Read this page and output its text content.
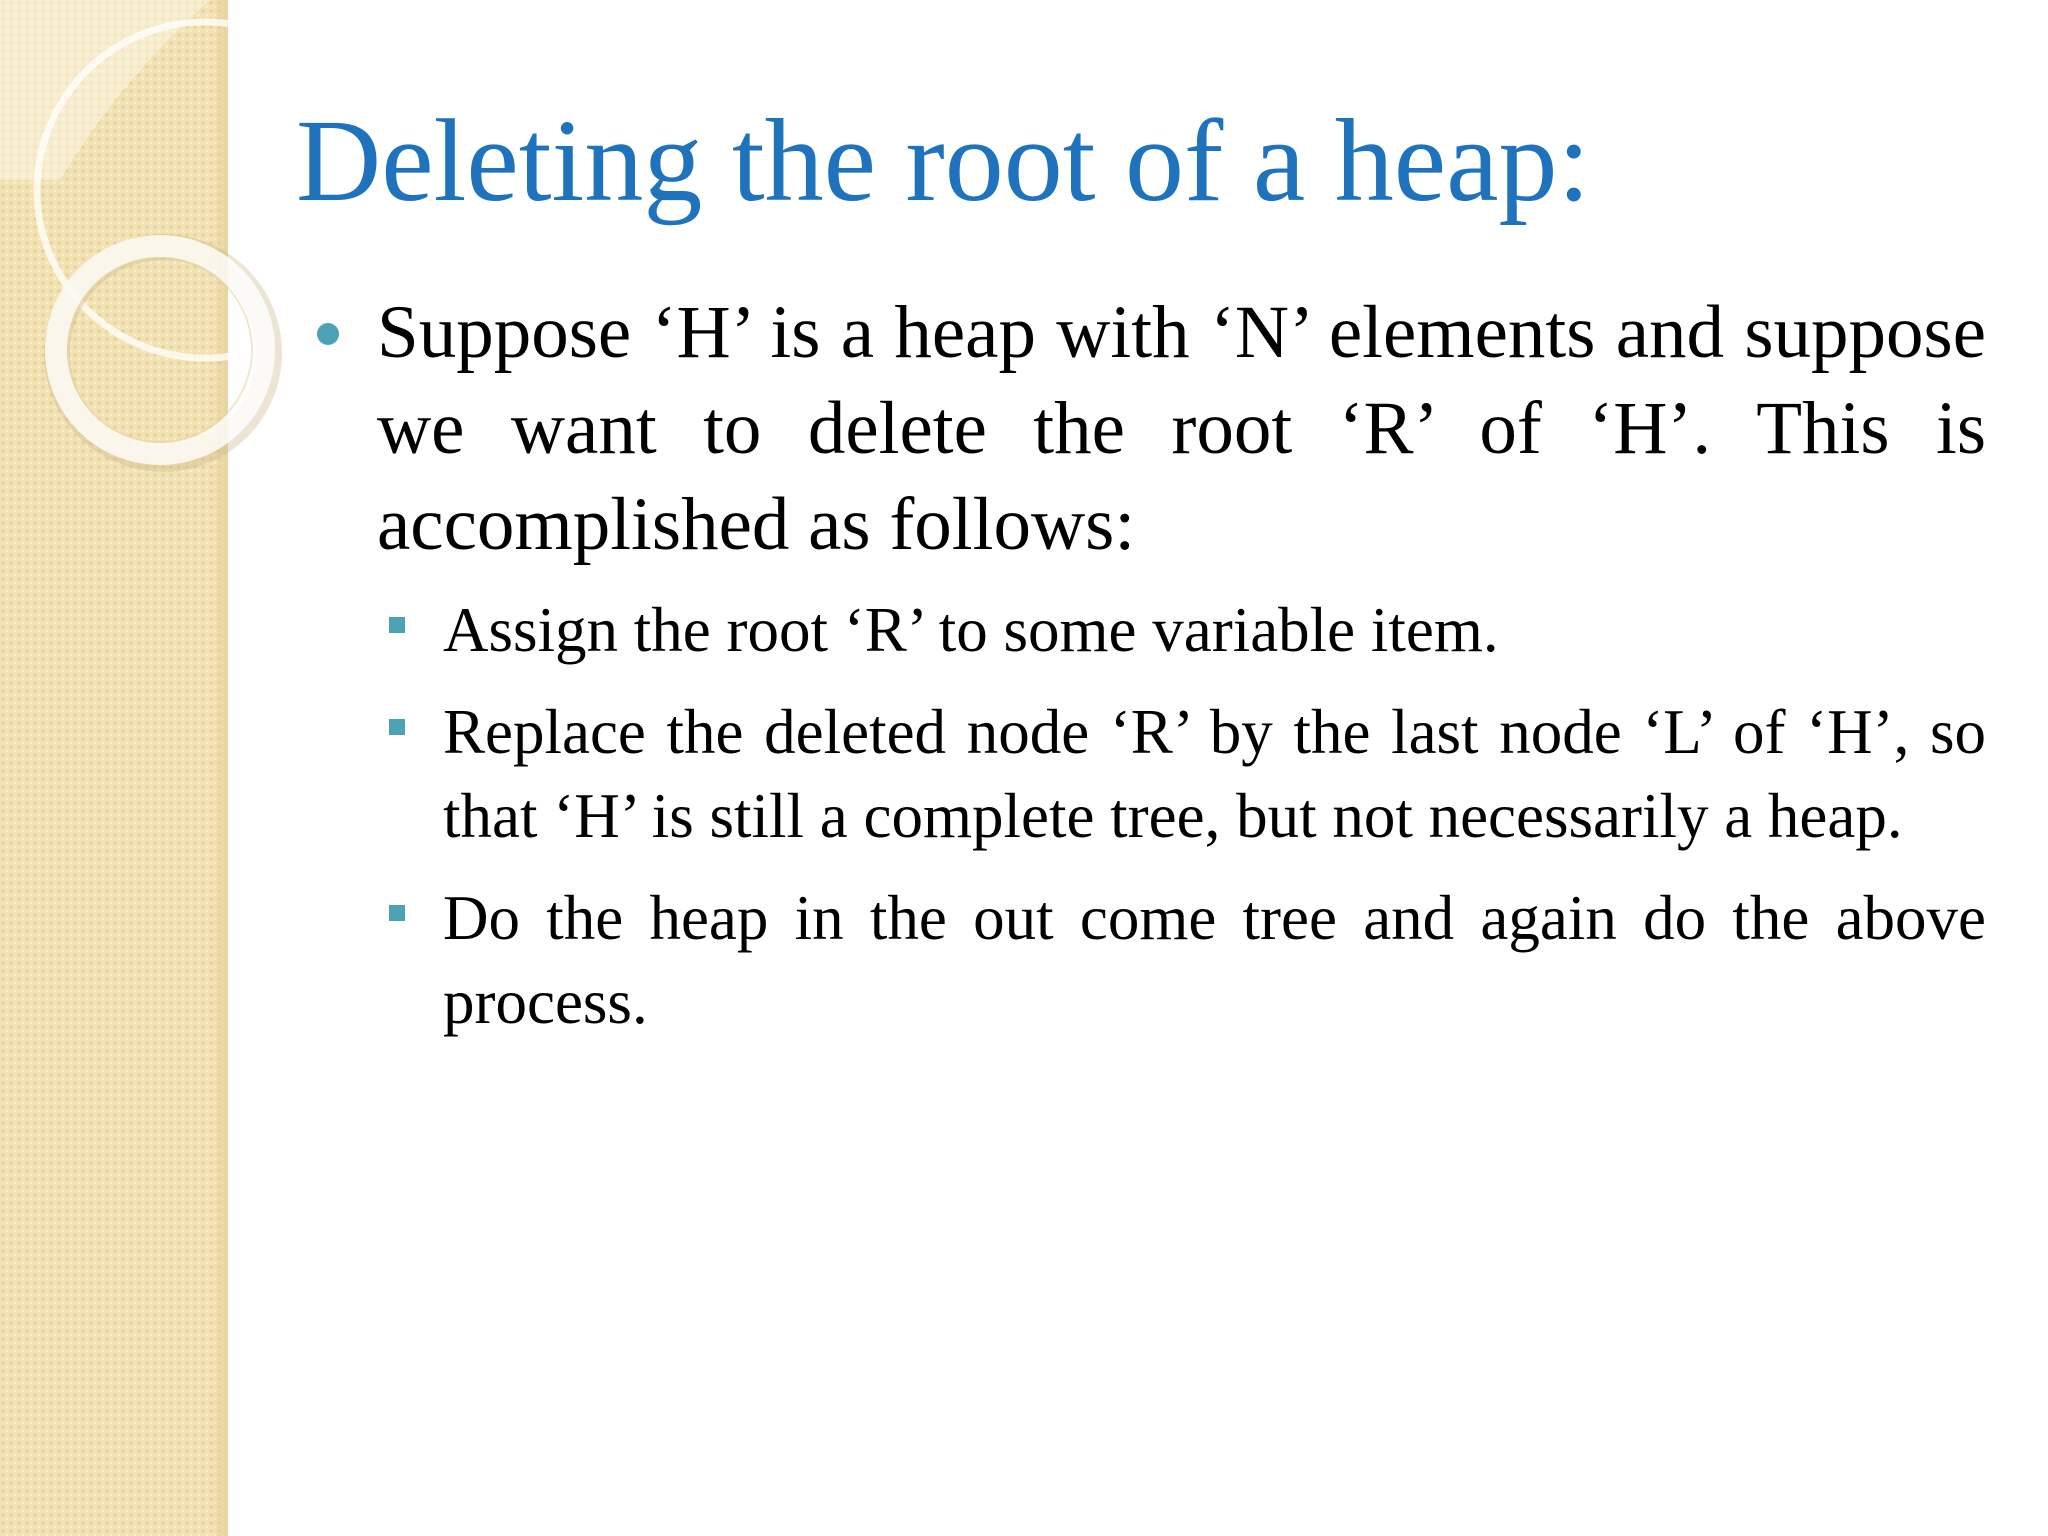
Deleting the root of a heap:

Suppose ‘H’ is a heap with ‘N’ elements and suppose we want to delete the root ‘R’ of ‘H’. This is accomplished as follows:

Assign the root ‘R’ to some variable item.

Replace the deleted node ‘R’ by the last node ‘L’ of ‘H’, so that ‘H’ is still a complete tree, but not necessarily a heap.

Do the heap in the out come tree and again do the above process.
